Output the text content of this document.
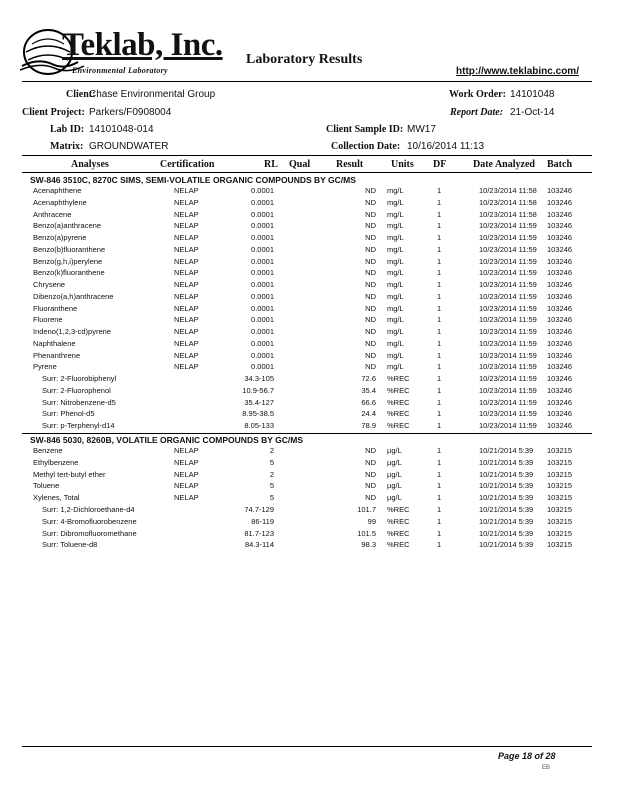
Teklab, Inc.
Environmental Laboratory
Laboratory Results
http://www.teklabinc.com/
Client:
Chase Environmental Group
Client Project: Parkers/F0908004
Lab ID: 14101048-014
Matrix: GROUNDWATER
Work Order: 14101048
Report Date: 21-Oct-14
Client Sample ID: MW17
Collection Date: 10/16/2014 11:13
Analyses	Certification	RL Qual	Result	Units DF	Date Analyzed Batch
SW-846 3510C, 8270C SIMS, SEMI-VOLATILE ORGANIC COMPOUNDS BY GC/MS
Acenaphthene	NELAP	0.0001	ND mg/L	1	10/23/2014 11:58 103246
Acenaphthylene	NELAP	0.0001	ND mg/L	1	10/23/2014 11:58 103246
Anthracene	NELAP	0.0001	ND mg/L	1	10/23/2014 11:58 103246
Benzo(a)anthracene	NELAP	0.0001	ND mg/L	1	10/23/2014 11:59 103246
Benzo(a)pyrene	NELAP	0.0001	ND mg/L	1	10/23/2014 11:59 103246
Benzo(b)fluoranthene	NELAP	0.0001	ND mg/L	1	10/23/2014 11:59 103246
Benzo(g,h,i)perylene	NELAP	0.0001	ND mg/L	1	10/23/2014 11:59 103246
Benzo(k)fluoranthene	NELAP	0.0001	ND mg/L	1	10/23/2014 11:59 103246
Chrysene	NELAP	0.0001	ND mg/L	1	10/23/2014 11:59 103246
Dibenzo(a,h)anthracene	NELAP	0.0001	ND mg/L	1	10/23/2014 11:59 103246
Fluoranthene	NELAP	0.0001	ND mg/L	1	10/23/2014 11:59 103246
Fluorene	NELAP	0.0001	ND mg/L	1	10/23/2014 11:59 103246
Indeno(1,2,3-cd)pyrene	NELAP	0.0001	ND mg/L	1	10/23/2014 11:59 103246
Naphthalene	NELAP	0.0001	ND mg/L	1	10/23/2014 11:59 103246
Phenanthrene	NELAP	0.0001	ND mg/L	1	10/23/2014 11:59 103246
Pyrene	NELAP	0.0001	ND mg/L	1	10/23/2014 11:59 103246
Surr: 2-Fluorobiphenyl	34.3-105	72.6 %REC	1	10/23/2014 11:59 103246
Surr: 2-Fluorophenol	10.9-56.7	35.4 %REC	1	10/23/2014 11:59 103246
Surr: Nitrobenzene-d5	35.4-127	66.6 %REC	1	10/23/2014 11:59 103246
Surr: Phenol-d5	8.95-38.5	24.4 %REC	1	10/23/2014 11:59 103246
Surr: p-Terphenyl-d14	8.05-133	78.9 %REC	1	10/23/2014 11:59 103246
SW-846 5030, 8260B, VOLATILE ORGANIC COMPOUNDS BY GC/MS
Benzene	NELAP	2	ND µg/L	1	10/21/2014 5:39 103215
Ethylbenzene	NELAP	5	ND µg/L	1	10/21/2014 5:39 103215
Methyl tert-butyl ether	NELAP	2	ND µg/L	1	10/21/2014 5:39 103215
Toluene	NELAP	5	ND µg/L	1	10/21/2014 5:39 103215
Xylenes, Total	NELAP	5	ND µg/L	1	10/21/2014 5:39 103215
Surr: 1,2-Dichloroethane-d4	74.7-129	101.7 %REC	1	10/21/2014 5:39 103215
Surr: 4-Bromofluorobenzene	86-119	99 %REC	1	10/21/2014 5:39 103215
Surr: Dibromofluoromethane	81.7-123	101.5 %REC	1	10/21/2014 5:39 103215
Surr: Toluene-d8	84.3-114	98.3 %REC	1	10/21/2014 5:39 103215
Page 18 of 28
EB
